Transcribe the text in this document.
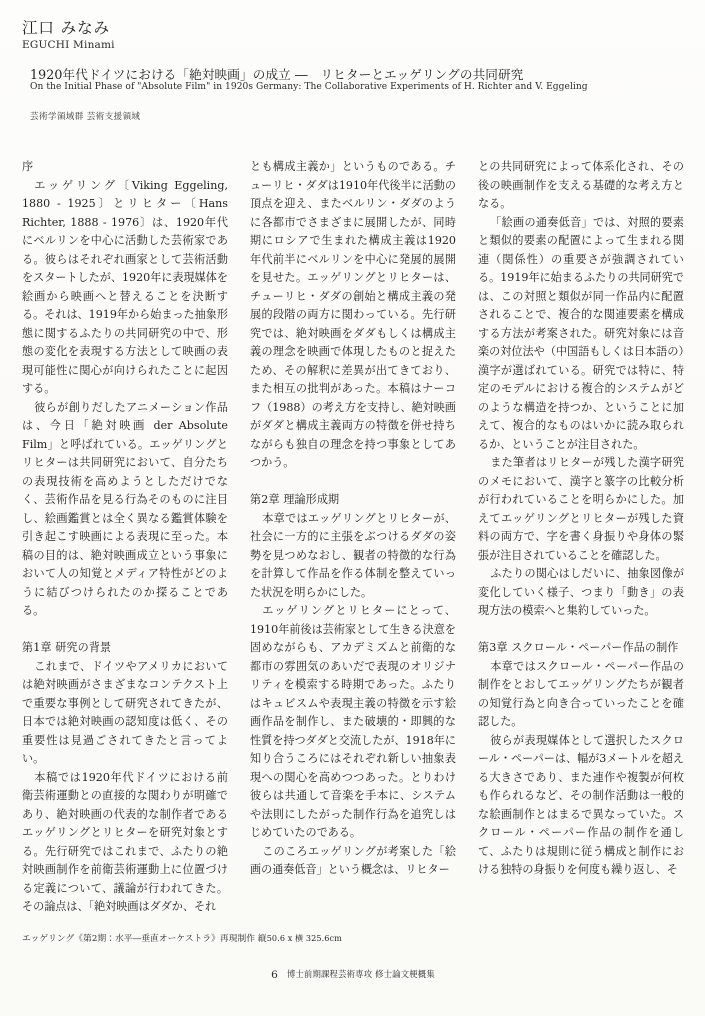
江口 みなみ
EGUCHI Minami
1920年代ドイツにおける「絶対映画」の成立 ―　リヒターとエッゲリングの共同研究
On the Initial Phase of "Absolute Film" in 1920s Germany: The Collaborative Experiments of H. Richter and V. Eggeling
芸術学領域群 芸術支援領域
序

エッゲリング〔Viking Eggeling, 1880 - 1925〕とリヒター〔Hans Richter, 1888 - 1976〕は、1920年代にベルリンを中心に活動した芸術家である。彼らはそれぞれ画家として芸術活動をスタートしたが、1920年に表現媒体を絵画から映画へと替えることを決断する。それは、1919年から始まった抽象形態に関するふたりの共同研究の中で、形態の変化を表現する方法として映画の表現可能性に関心が向けられたことに起因する。

彼らが創りだしたアニメーション作品は、今日「絶対映画 der Absolute Film」と呼ばれている。エッゲリングとリヒターは共同研究において、自分たちの表現技術を高めようとしただけでなく、芸術作品を見る行為そのものに注目し、絵画鑑賞とは全く異なる鑑賞体験を引き起こす映画による表現に至った。本稿の目的は、絶対映画成立という事象において人の知覚とメディア特性がどのように結びつけられたのか探ることである。

第1章 研究の背景

これまで、ドイツやアメリカにおいては絶対映画がさまざまなコンテクスト上で重要な事例として研究されてきたが、日本では絶対映画の認知度は低く、その重要性は見過ごされてきたと言ってよい。

本稿では1920年代ドイツにおける前衛芸術運動との直接的な関わりが明確であり、絶対映画の代表的な制作者であるエッゲリングとリヒターを研究対象とする。先行研究ではこれまで、ふたりの絶対映画制作を前衛芸術運動上に位置づける定義について、議論が行われてきた。その論点は、「絶対映画はダダか、それ

とも構成主義か」というものである。チューリヒ・ダダは1910年代後半に活動の頂点を迎え、またベルリン・ダダのように各都市でさまざまに展開したが、同時期にロシアで生まれた構成主義は1920年代前半にベルリンを中心に発展的展開を見せた。エッゲリングとリヒターは、チューリヒ・ダダの創始と構成主義の発展的段階の両方に関わっている。先行研究では、絶対映画をダダもしくは構成主義の理念を映画で体現したものと捉えたため、その解釈に差異が出てきており、また相互の批判があった。本稿はナーコフ（1988）の考え方を支持し、絶対映画がダダと構成主義両方の特徴を併せ持ちながらも独自の理念を持つ事象としてあつかう。

第2章 理論形成期

本章ではエッゲリングとリヒターが、社会に一方的に主張をぶつけるダダの姿勢を見つめなおし、観者の特徴的な行為を計算して作品を作る体制を整えていった状況を明らかにした。

エッゲリングとリヒターにとって、1910年前後は芸術家として生きる決意を固めながらも、アカデミズムと前衛的な都市の雰囲気のあいだで表現のオリジナリティを模索する時期であった。ふたりはキュビスムや表現主義の特徴を示す絵画作品を制作し、また破壊的・即興的な性質を持つダダと交流したが、1918年に知り合うころにはそれぞれ新しい抽象表現への関心を高めつつあった。とりわけ彼らは共通して音楽を手本に、システムや法則にしたがった制作行為を追究しはじめていたのである。

このころエッゲリングが考案した「絵画の通奏低音」という概念は、リヒター

との共同研究によって体系化され、その後の映画制作を支える基礎的な考え方となる。

「絵画の通奏低音」では、対照的要素と類似的要素の配置によって生まれる関連（関係性）の重要さが強調されている。1919年に始まるふたりの共同研究では、この対照と類似が同一作品内に配置されることで、複合的な関連要素を構成する方法が考案された。研究対象には音楽の対位法や（中国語もしくは日本語の）漢字が選ばれている。研究では特に、特定のモデルにおける複合的システムがどのような構造を持つか、ということに加えて、複合的なものはいかに読み取られるか、ということが注目された。

また筆者はリヒターが残した漢字研究のメモにおいて、漢字と篆字の比較分析が行われていることを明らかにした。加えてエッゲリングとリヒターが残した資料の両方で、字を書く身振りや身体の緊張が注目されていることを確認した。

ふたりの関心はしだいに、抽象図像が変化していく様子、つまり「動き」の表現方法の模索へと集約していった。

第3章 スクロール・ペーパー作品の制作

本章ではスクロール・ペーパー作品の制作をとおしてエッゲリングたちが観者の知覚行為と向き合っていったことを確認した。

彼らが表現媒体として選択したスクロール・ペーパーは、幅が3メートルを超える大きさであり、また連作や複製が何枚も作られるなど、その制作活動は一般的な絵画制作とはまるで異なっていた。スクロール・ペーパー作品の制作を通して、ふたりは規則に従う構成と制作における独特の身振りを何度も繰り返し、そ

エッゲリング《第2期：水平―垂直オーケストラ》再現制作 縦50.6 x 横 325.6cm
6 博士前期課程芸術専攻 修士論文梗概集
